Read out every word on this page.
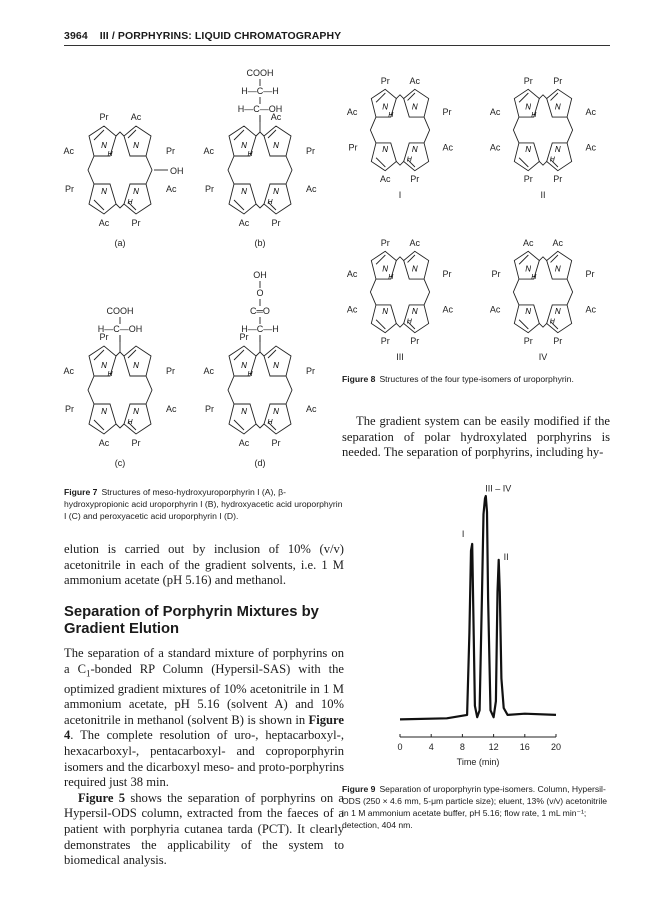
3964 III / PORPHYRINS: LIQUID CHROMATOGRAPHY
N	N
N	N
H
H
Pr Ac
Ac	Pr
Pr	Ac
Ac Pr
OH
(a)
N	N
N	N
H
H
Ac
Ac	Pr
Pr	Ac
Ac Pr
COOH
H—C—H
H—C—OH
(b)
N	N
N	N
H
H
Pr
Ac	Pr
Pr	Ac
Ac Pr
COOH
H—C—OH
(c)
N	N
N	N
H
H
Pr
Ac	Pr
Pr	Ac
Ac Pr
OH
O
C═O
H—C—H
(d)
Figure 7 Structures of meso-hydroxyuroporphyrin I (A), β-hydroxypropionic acid uroporphyrin I (B), hydroxyacetic acid uroporphyrin I (C) and peroxyacetic acid uroporphyrin I (D).
N	N
N	N
H
H
Pr Ac
Ac	Pr
Pr	Ac
Ac Pr
I
N	N
N	N
H
H
Pr Pr
Ac	Ac
Ac	Ac
Pr Pr
II
N	N
N	N
H
H
Pr Ac
Ac	Pr
Ac	Ac
Pr Pr
III
N	N
N	N
H
H
Ac Ac
Pr	Pr
Ac	Ac
Pr Pr
IV
Figure 8 Structures of the four type-isomers of uroporphyrin.

The gradient system can be easily modified if the separation of polar hydroxylated porphyrins is needed. The separation of porphyrins, including hy-

elution is carried out by inclusion of 10% (v/v) acetonitrile in each of the gradient solvents, i.e. 1 M ammonium acetate (pH 5.16) and methanol.

Separation of Porphyrin Mixtures by Gradient Elution

The separation of a standard mixture of porphyrins on a $C_1$-bonded RP Column (Hypersil-SAS) with the optimized gradient mixtures of 10% acetonitrile in 1 M ammonium acetate, pH 5.16 (solvent A) and 10% acetonitrile in methanol (solvent B) is shown in Figure 4. The complete resolution of uro-, heptacarboxyl-, hexacarboxyl-, pentacarboxyl- and coproporphyrin isomers and the dicarboxyl meso- and proto-porphyrins required just 38 min.

Figure 5 shows the separation of porphyrins on a Hypersil-ODS column, extracted from the faeces of a patient with porphyria cutanea tarda (PCT). It clearly demonstrates the applicability of the system to biomedical analysis.

0	4	8	12 16 20
Time (min)
I
III – IV
II
Figure 9 Separation of uroporphyrin type-isomers. Column, Hypersil-ODS (250 × 4.6 mm, 5-μm particle size); eluent, 13% (v/v) acetonitrile in 1 M ammonium acetate buffer, pH 5.16; flow rate, 1 mL min⁻¹; detection, 404 nm.
